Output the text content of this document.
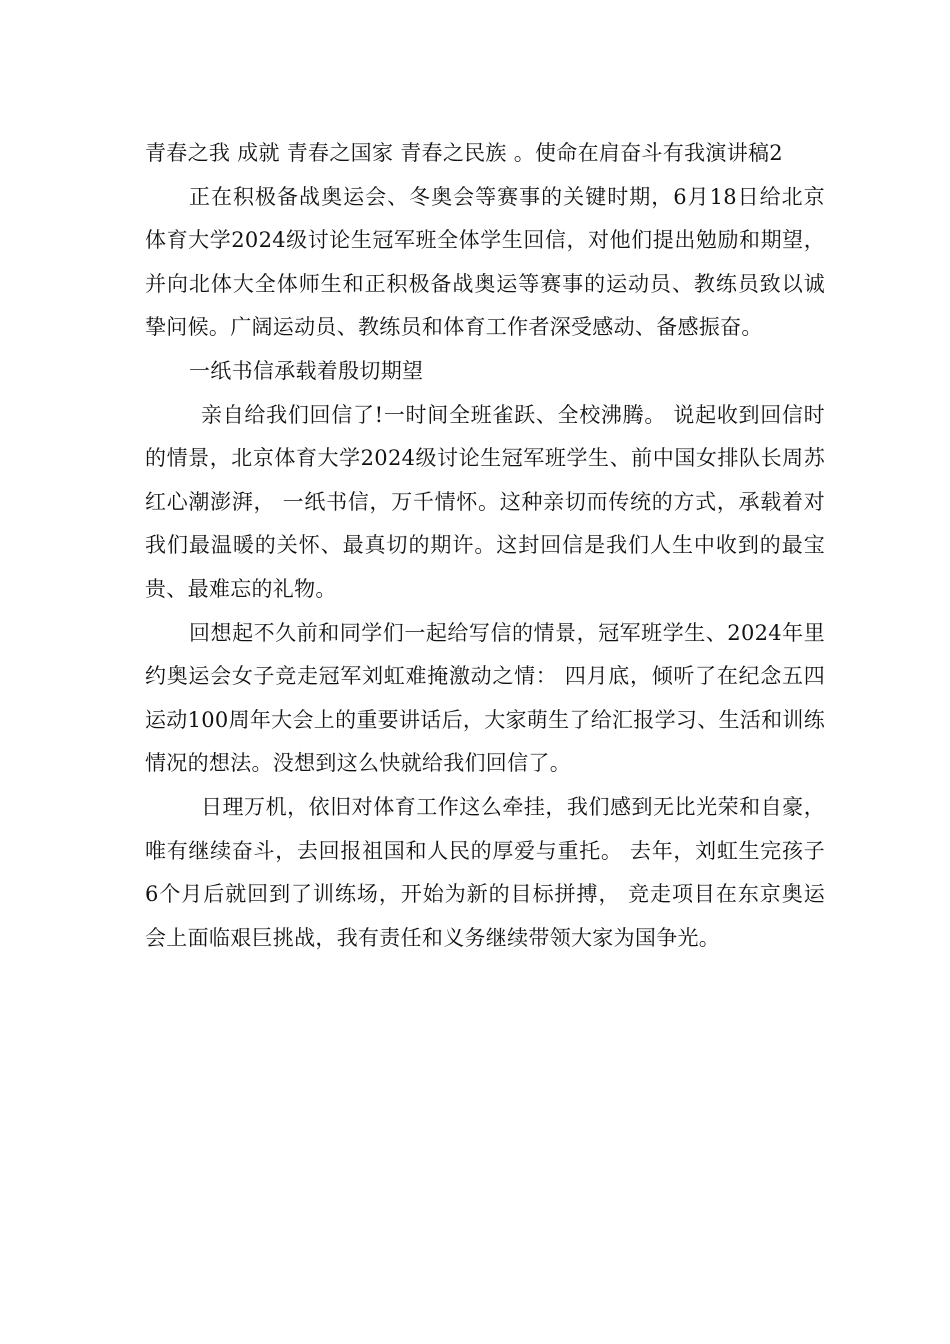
青春之我 成就 青春之国家 青春之民族 。使命在肩奋斗有我演讲稿2

正在积极备战奥运会、冬奥会等赛事的关键时期，6月18日给北京体育大学2024级讨论生冠军班全体学生回信，对他们提出勉励和期望，并向北体大全体师生和正积极备战奥运等赛事的运动员、教练员致以诚挚问候。广阔运动员、教练员和体育工作者深受感动、备感振奋。

一纸书信承载着殷切期望

亲自给我们回信了!一时间全班雀跃、全校沸腾。 说起收到回信时的情景，北京体育大学2024级讨论生冠军班学生、前中国女排队长周苏红心潮澎湃， 一纸书信，万千情怀。这种亲切而传统的方式，承载着对我们最温暖的关怀、最真切的期许。这封回信是我们人生中收到的最宝贵、最难忘的礼物。

回想起不久前和同学们一起给写信的情景，冠军班学生、2024年里约奥运会女子竞走冠军刘虹难掩激动之情： 四月底，倾听了在纪念五四运动100周年大会上的重要讲话后，大家萌生了给汇报学习、生活和训练情况的想法。没想到这么快就给我们回信了。

日理万机，依旧对体育工作这么牵挂，我们感到无比光荣和自豪，唯有继续奋斗，去回报祖国和人民的厚爱与重托。 去年，刘虹生完孩子6个月后就回到了训练场，开始为新的目标拼搏， 竞走项目在东京奥运会上面临艰巨挑战，我有责任和义务继续带领大家为国争光。
